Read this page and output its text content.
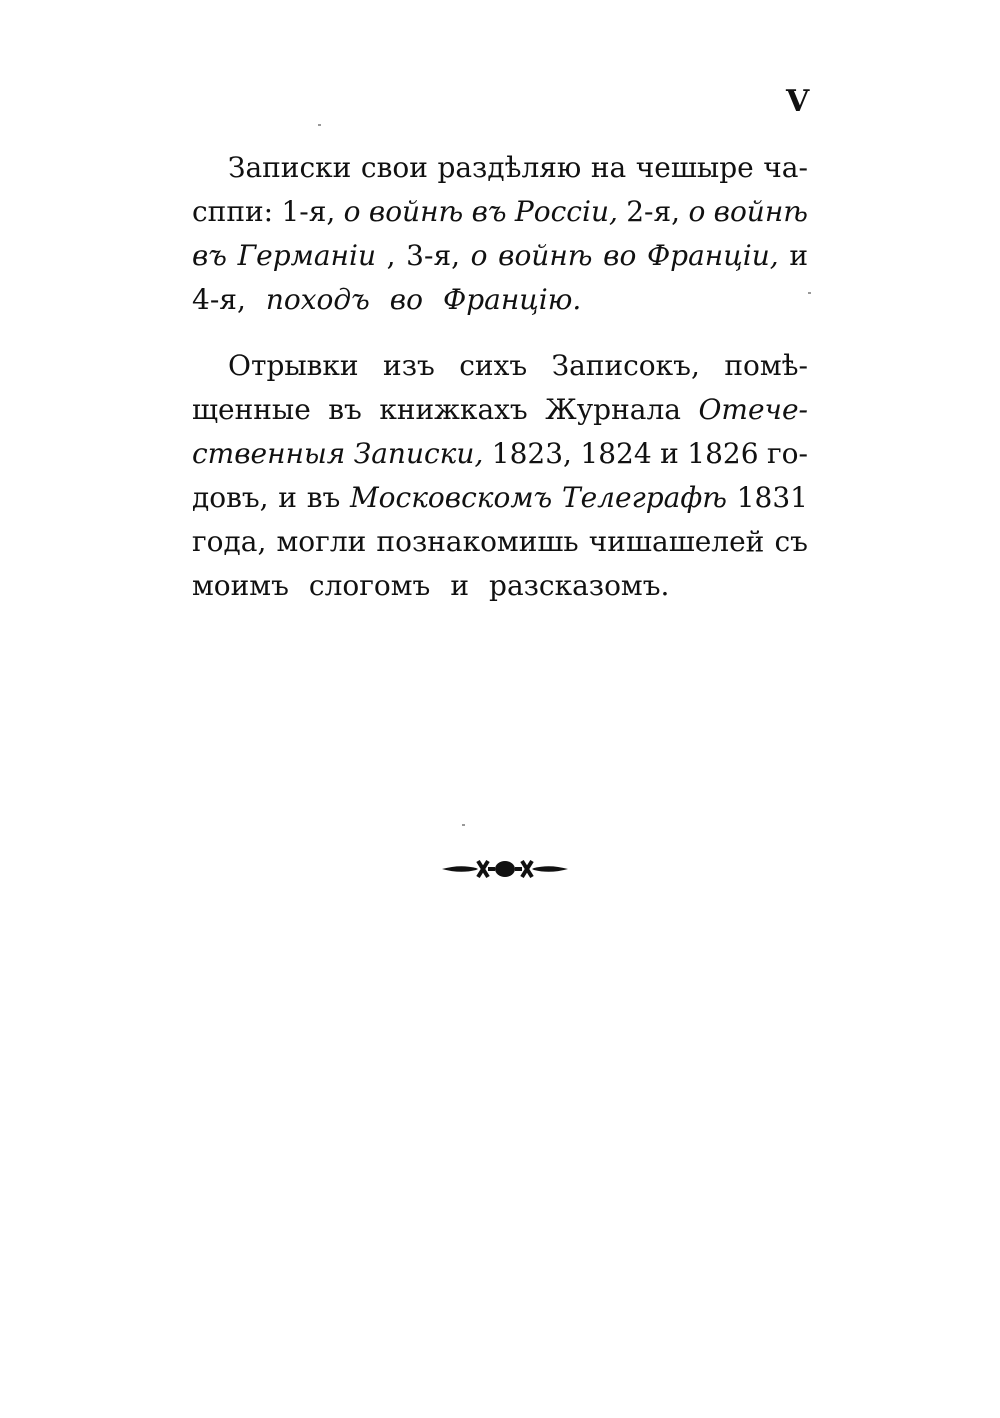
V
Записки свои раздѣляю на чешыре ча-
сппи: 1-я, о войнѣ въ Россіи, 2-я, о войнѣ
въ Германіи , 3-я, о войнѣ во Франціи, и
4-я, походъ во Францію.
Отрывки изъ сихъ Записокъ, помѣ-
щенные въ книжкахъ Журнала Отече-
ственныя Записки, 1823, 1824 и 1826 го-
довъ, и въ Московскомъ Телеграфѣ 1831
года, могли познакомишь чишашелей съ
моимъ слогомъ и разсказомъ.
